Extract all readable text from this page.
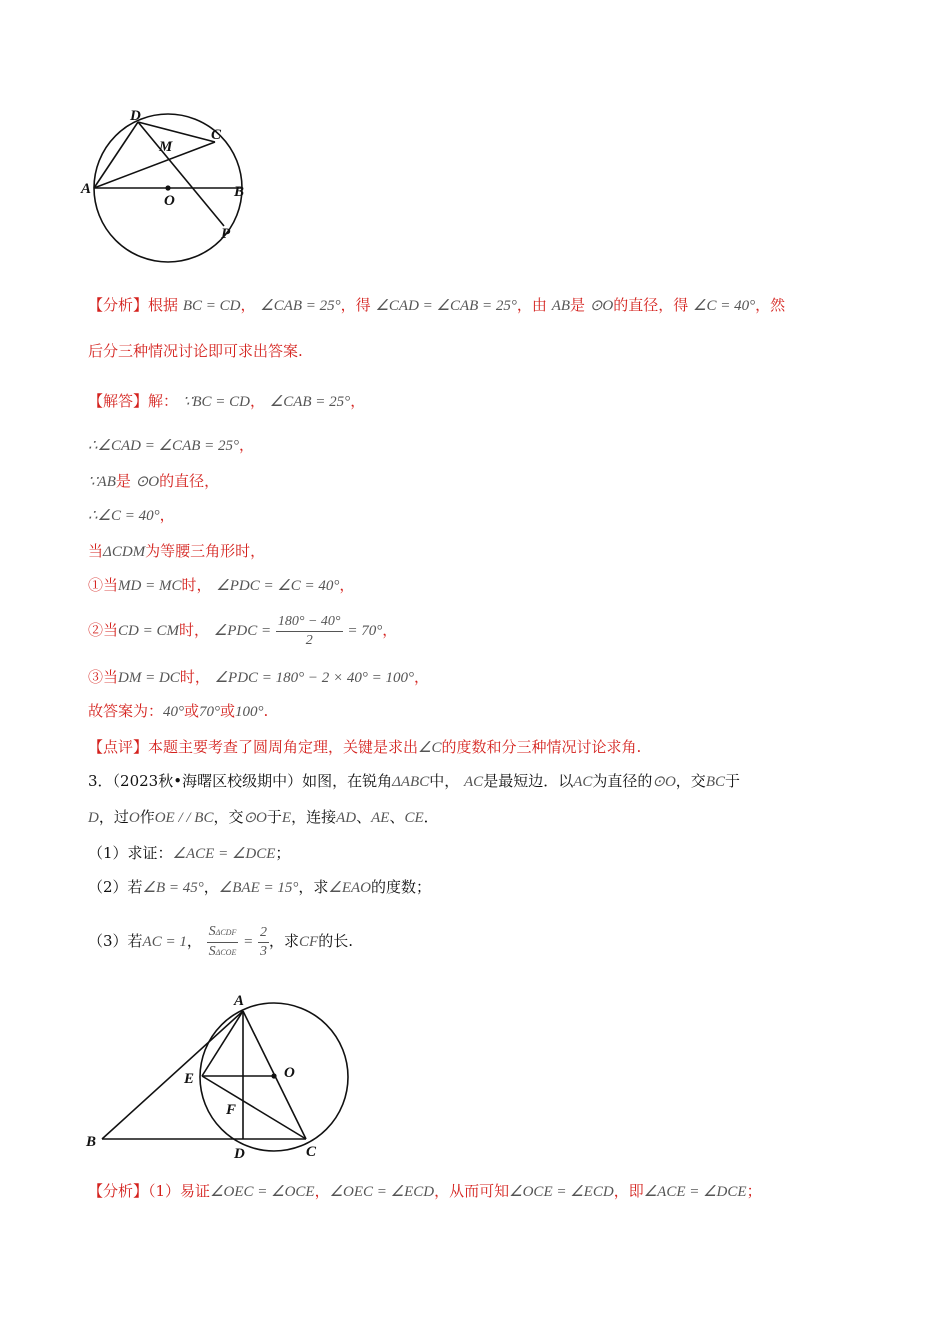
D
C
M
A	B
O
P
【分析】根据 BC = CD， ∠CAB = 25°，得 ∠CAD = ∠CAB = 25°，由 AB是 ⊙O的直径，得 ∠C = 40°，然
后分三种情况讨论即可求出答案.
【解答】解： ∵BC = CD， ∠CAB = 25°，
∴∠CAD = ∠CAB = 25°，
∵AB是 ⊙O的直径，
∴∠C = 40°，
当ΔCDM为等腰三角形时，
①当MD = MC时， ∠PDC = ∠C = 40°，
②当CD = CM时， ∠PDC = $\frac{180^\circ - 40^\circ}{2} = 70^\circ$，
③当DM = DC时， ∠PDC = 180° − 2 × 40° = 100°，
故答案为：40°或70°或100°.
【点评】本题主要考查了圆周角定理，关键是求出∠C的度数和分三种情况讨论求角.
3．（2023秋•海曙区校级期中）如图，在锐角ΔABC中， AC是最短边．以AC为直径的⊙O，交BC于
D，过O作OE / / BC，交⊙O于E，连接AD、AE、CE．
（1）求证：∠ACE = ∠DCE；
（2）若∠B = 45°，∠BAE = 15°，求∠EAO的度数；
（3）若AC = 1， $\frac{\text{SΔCDF}}{\text{SΔCOE}} = \frac{2}{3}$ ，求CF的长.
A
E	O
F
B
D	C
【分析】（1）易证∠OEC = ∠OCE，∠OEC = ∠ECD，从而可知∠OCE = ∠ECD，即∠ACE = ∠DCE；
